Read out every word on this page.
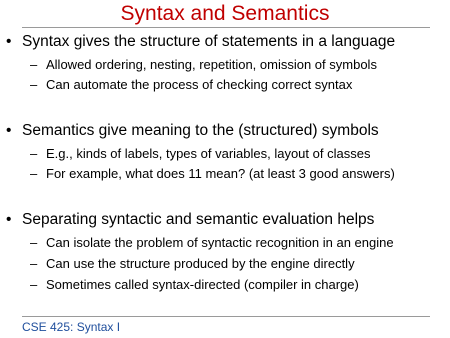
Syntax and Semantics
• Syntax gives the structure of statements in a language
– Allowed ordering, nesting, repetition, omission of symbols
– Can automate the process of checking correct syntax
• Semantics give meaning to the (structured) symbols
– E.g., kinds of labels, types of variables, layout of classes
– For example, what does 11 mean? (at least 3 good answers)
• Separating syntactic and semantic evaluation helps
– Can isolate the problem of syntactic recognition in an engine
– Can use the structure produced by the engine directly
– Sometimes called syntax-directed (compiler in charge)
CSE 425: Syntax I
